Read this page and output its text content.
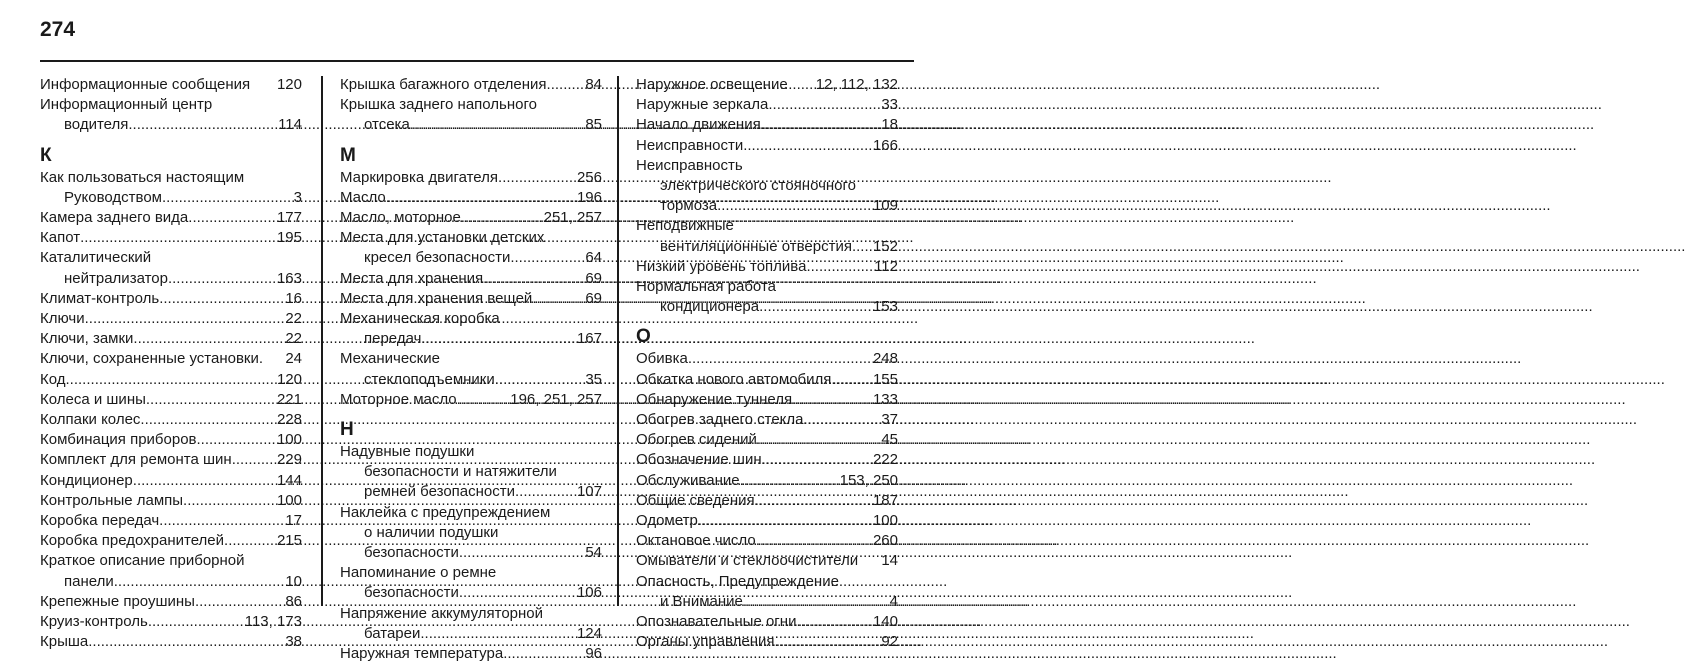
274
Информационные сообщения 120
Информационный центр
водителя .....	114
К
Как пользоваться настоящим
Руководством .....	3
Камера заднего вида .....	177
Капот .....	195
Каталитический
нейтрализатор .....	163
Климат-контроль .....	16
Ключи .....	22
Ключи, замки .....	22
Ключи, сохраненные установки. 24
Код .....	120
Колеса и шины .....	221
Колпаки колес .....	228
Комбинация приборов .....	100
Комплект для ремонта шин .....	229
Кондиционер .....	144
Контрольные лампы .....	100
Коробка передач .....	17
Коробка предохранителей .....	215
Краткое описание приборной
панели .....	10
Крепежные проушины .....	86
Круиз-контроль .....	113, 173
Крыша .....	38
Крышка багажного отделения .....	84
Крышка заднего напольного
отсека .....	85
М
Маркировка двигателя .....	256
Масло .....	196
Масло, моторное .....	251, 257
Места для установки детских
кресел безопасности .....	64
Места для хранения .....	69
Места для хранения вещей .....	69
Механическая коробка
передач .....	167
Механические
стеклоподъемники .....	35
Моторное масло .....	196, 251, 257
Н
Надувные подушки
безопасности и натяжители
ремней безопасности .....	107
Наклейка с предупреждением
о наличии подушки
безопасности .....	54
Напоминание о ремне
безопасности .....	106
Напряжение аккумуляторной
батареи .....	124
Наружная температура .....	96
Наружное освещение 12, 112, 132
Наружные зеркала .....	33
Начало движения .....	18
Неисправности .....	166
Неисправность
электрического стояночного
тормоза .....	109
Неподвижные
вентиляционные отверстия ..... 152
Низкий уровень топлива .....	112
Нормальная работа
кондиционера .....	153
О
Обивка .....	248
Обкатка нового автомобиля .....	155
Обнаружение туннеля .....	133
Обогрев заднего стекла .....	37
Обогрев сидений .....	45
Обозначение шин .....	222
Обслуживание .....	153, 250
Общие сведения .....	187
Одометр .....	100
Октановое число .....	260
Омыватели и стеклоочистители 14
Опасность, Предупреждение
и Внимание .....	4
Опознавательные огни .....	140
Органы управления .....	92
